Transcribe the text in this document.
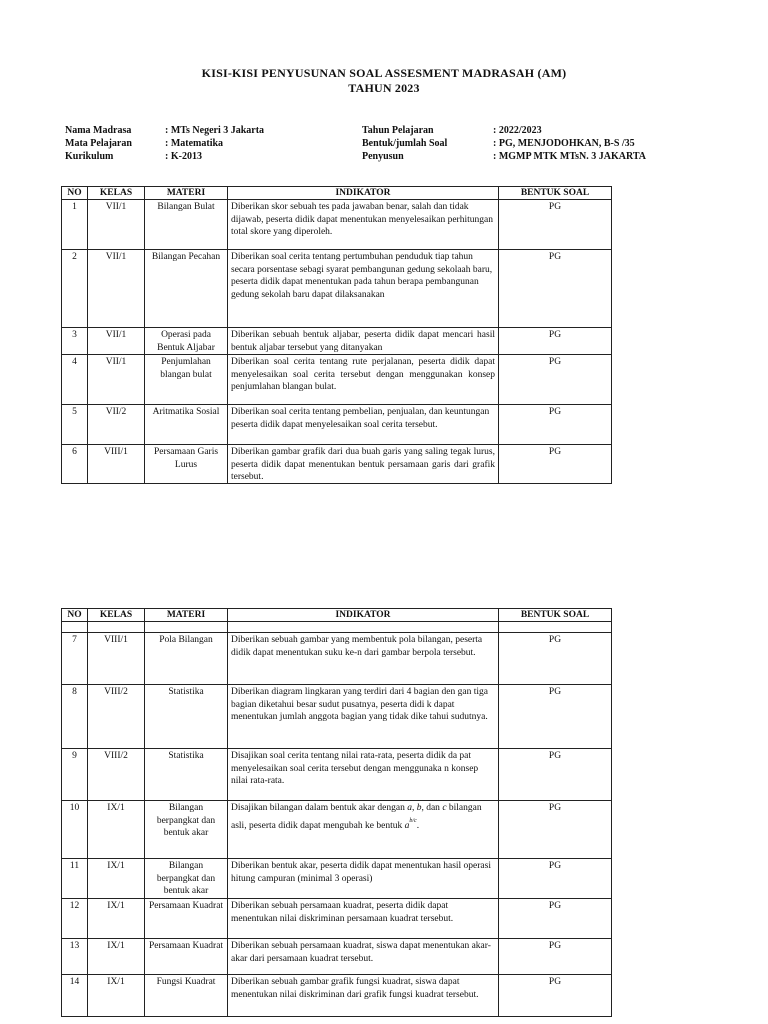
KISI-KISI PENYUSUNAN SOAL ASSESMENT MADRASAH (AM)
TAHUN 2023
Nama Madrasa	: MTs Negeri 3 Jakarta
Mata Pelajaran	: Matematika
Kurikulum	: K-2013
Tahun Pelajaran	: 2022/2023
Bentuk/jumlah Soal	: PG, MENJODOHKAN, B-S /35
Penyusun	: MGMP MTK MTsN. 3 JAKARTA
NO	KELAS	MATERI	INDIKATOR	BENTUK SOAL
1	VII/1	Bilangan Bulat	Diberikan skor sebuah tes pada jawaban benar, salah dan tidak dijawab, peserta didik dapat menentukan menyelesaikan perhitungan total skore yang diperoleh.	PG
2	VII/1	Bilangan Pecahan	Diberikan soal cerita tentang pertumbuhan penduduk tiap tahun secara porsentase sebagi syarat pembangunan gedung sekolaah baru, peserta didik dapat menentukan pada tahun berapa pembangunan gedung sekolah baru dapat dilaksanakan	PG
3	VII/1	Operasi pada Bentuk Aljabar	Diberikan sebuah bentuk aljabar, peserta didik dapat mencari hasil bentuk aljabar tersebut yang ditanyakan	PG
4	VII/1	Penjumlahan blangan bulat	Diberikan soal cerita tentang rute perjalanan, peserta didik dapat menyelesaikan soal cerita tersebut dengan menggunakan konsep penjumlahan blangan bulat.	PG
5	VII/2	Aritmatika Sosial	Diberikan soal cerita tentang pembelian, penjualan, dan keuntungan peserta didik dapat menyelesaikan soal cerita tersebut.	PG
6	VIII/1	Persamaan Garis Lurus	Diberikan gambar grafik dari dua buah garis yang saling tegak lurus, peserta didik dapat menentukan bentuk persamaan garis dari grafik tersebut.	PG
NO	KELAS	MATERI	INDIKATOR	BENTUK SOAL

7	VIII/1	Pola Bilangan	Diberikan sebuah gambar yang membentuk pola bilangan, peserta didik dapat menentukan suku ke-n dari gambar berpola tersebut.	PG
8	VIII/2	Statistika	Diberikan diagram lingkaran yang terdiri dari 4 bagian den gan tiga bagian diketahui besar sudut pusatnya, peserta didi k dapat menentukan jumlah anggota bagian yang tidak dike tahui sudutnya.	PG
9	VIII/2	Statistika	Disajikan soal cerita tentang nilai rata-rata, peserta didik da pat menyelesaikan soal cerita tersebut dengan menggunaka n konsep nilai rata-rata.	PG
10	IX/1	Bilangan berpangkat dan bentuk akar	Disajikan bilangan dalam bentuk akar dengan a, b, dan c bilangan asli, peserta didik dapat mengubah ke bentuk $a^{b/c}$.	PG
11	IX/1	Bilangan berpangkat dan bentuk akar	Diberikan bentuk akar, peserta didik dapat menentukan hasil operasi hitung campuran (minimal 3 operasi)	PG
12	IX/1	Persamaan Kuadrat	Diberikan sebuah persamaan kuadrat, peserta didik dapat menentukan nilai diskriminan persamaan kuadrat tersebut.	PG
13	IX/1	Persamaan Kuadrat	Diberikan sebuah persamaan kuadrat, siswa dapat menentukan akar-akar dari persamaan kuadrat tersebut.	PG
14	IX/1	Fungsi Kuadrat	Diberikan sebuah gambar grafik fungsi kuadrat, siswa dapat menentukan nilai diskriminan dari grafik fungsi kuadrat tersebut.	PG
